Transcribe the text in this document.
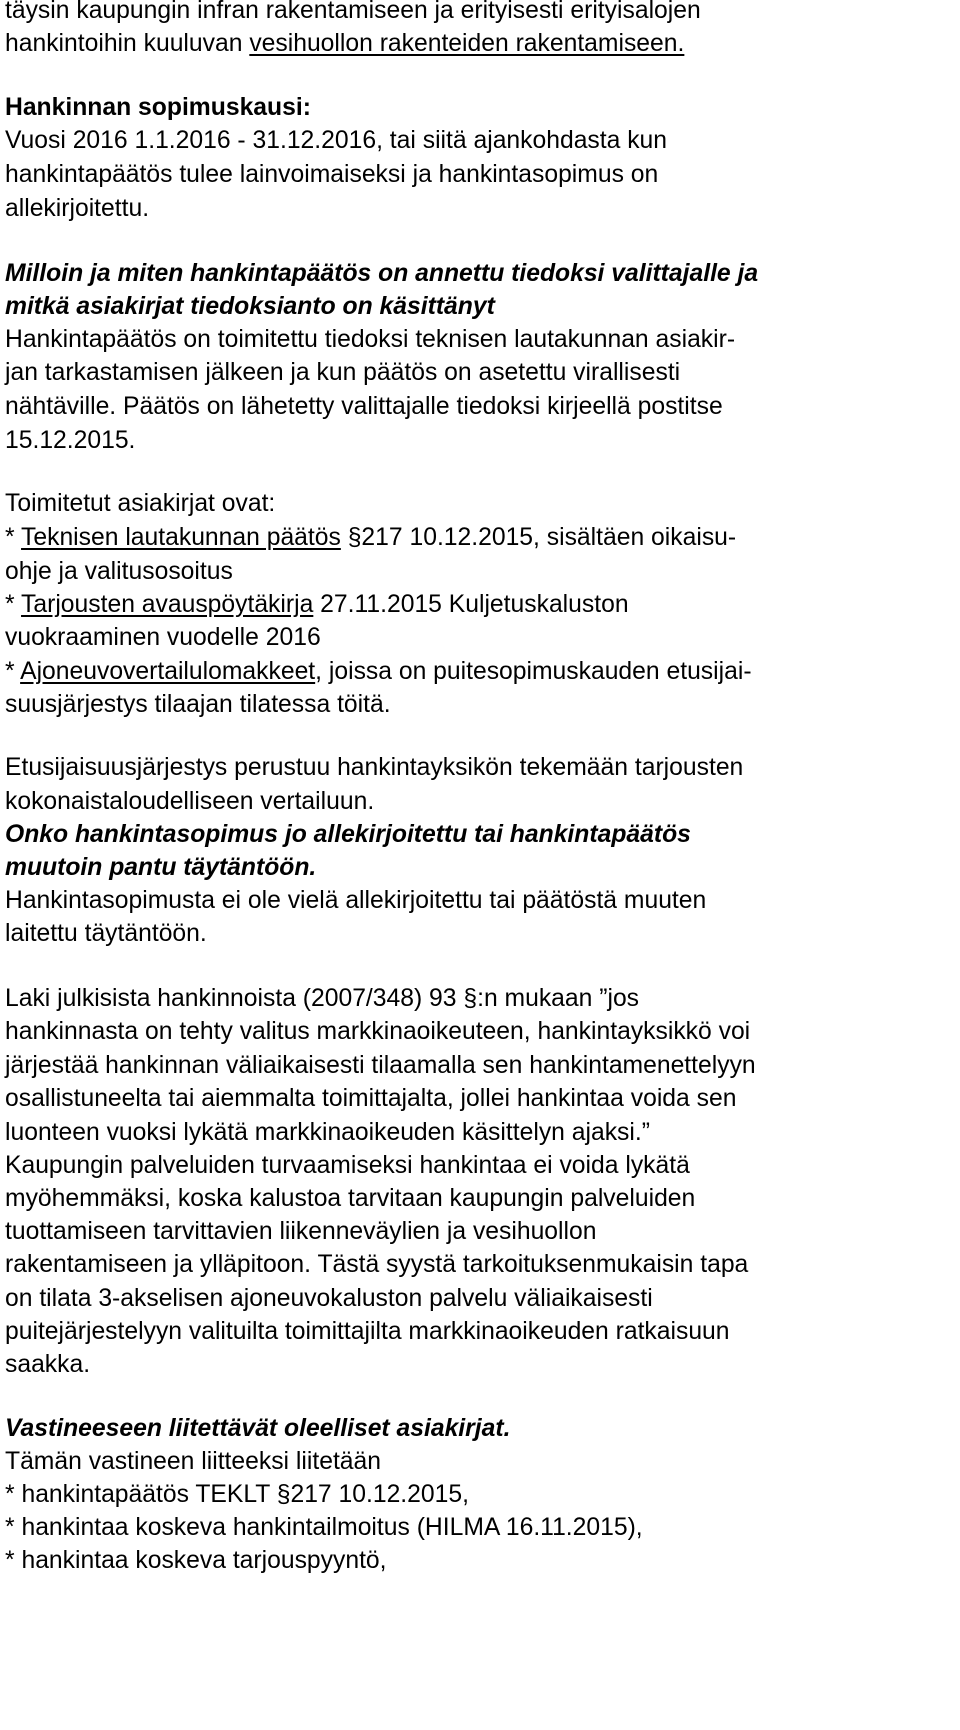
täysin kaupungin infran rakentamiseen ja erityisesti erityisalojen
hankintoihin kuuluvan vesihuollon rakenteiden rakentamiseen.
Hankinnan sopimuskausi:
Vuosi 2016 1.1.2016 - 31.12.2016, tai siitä ajankohdasta kun
hankintapäätös tulee lainvoimaiseksi ja hankintasopimus on
allekirjoitettu.
Milloin ja miten hankintapäätös on annettu tiedoksi valittajalle ja
mitkä asiakirjat tiedoksianto on käsittänyt
Hankintapäätös on toimitettu tiedoksi teknisen lautakunnan asiakir-
jan tarkastamisen jälkeen ja kun päätös on asetettu virallisesti
nähtäville. Päätös on lähetetty valittajalle tiedoksi kirjeellä postitse
15.12.2015.
Toimitetut asiakirjat ovat:
* Teknisen lautakunnan päätös §217 10.12.2015, sisältäen oikaisu-
ohje ja valitusosoitus
* Tarjousten avauspöytäkirja 27.11.2015 Kuljetuskaluston
vuokraaminen vuodelle 2016
* Ajoneuvovertailulomakkeet, joissa on puitesopimuskauden etusijai-
suusjärjestys tilaajan tilatessa töitä.
Etusijaisuusjärjestys perustuu hankintayksikön tekemään tarjousten
kokonaistaloudelliseen vertailuun.
Onko hankintasopimus jo allekirjoitettu tai hankintapäätös
muutoin pantu täytäntöön.
Hankintasopimusta ei ole vielä allekirjoitettu tai päätöstä muuten
laitettu täytäntöön.
Laki julkisista hankinnoista (2007/348) 93 §:n mukaan ”jos
hankinnasta on tehty valitus markkinaoikeuteen, hankintayksikkö voi
järjestää hankinnan väliaikaisesti tilaamalla sen hankintamenettelyyn
osallistuneelta tai aiemmalta toimittajalta, jollei hankintaa voida sen
luonteen vuoksi lykätä markkinaoikeuden käsittelyn ajaksi.”
Kaupungin palveluiden turvaamiseksi hankintaa ei voida lykätä
myöhemmäksi, koska kalustoa tarvitaan kaupungin palveluiden
tuottamiseen tarvittavien liikenneväylien ja vesihuollon
rakentamiseen ja ylläpitoon. Tästä syystä tarkoituksenmukaisin tapa
on tilata 3-akselisen ajoneuvokaluston palvelu väliaikaisesti
puitejärjestelyyn valituilta toimittajilta markkinaoikeuden ratkaisuun
saakka.
Vastineeseen liitettävät oleelliset asiakirjat.
Tämän vastineen liitteeksi liitetään
* hankintapäätös TEKLT §217 10.12.2015,
* hankintaa koskeva hankintailmoitus (HILMA 16.11.2015),
* hankintaa koskeva tarjouspyyntö,
